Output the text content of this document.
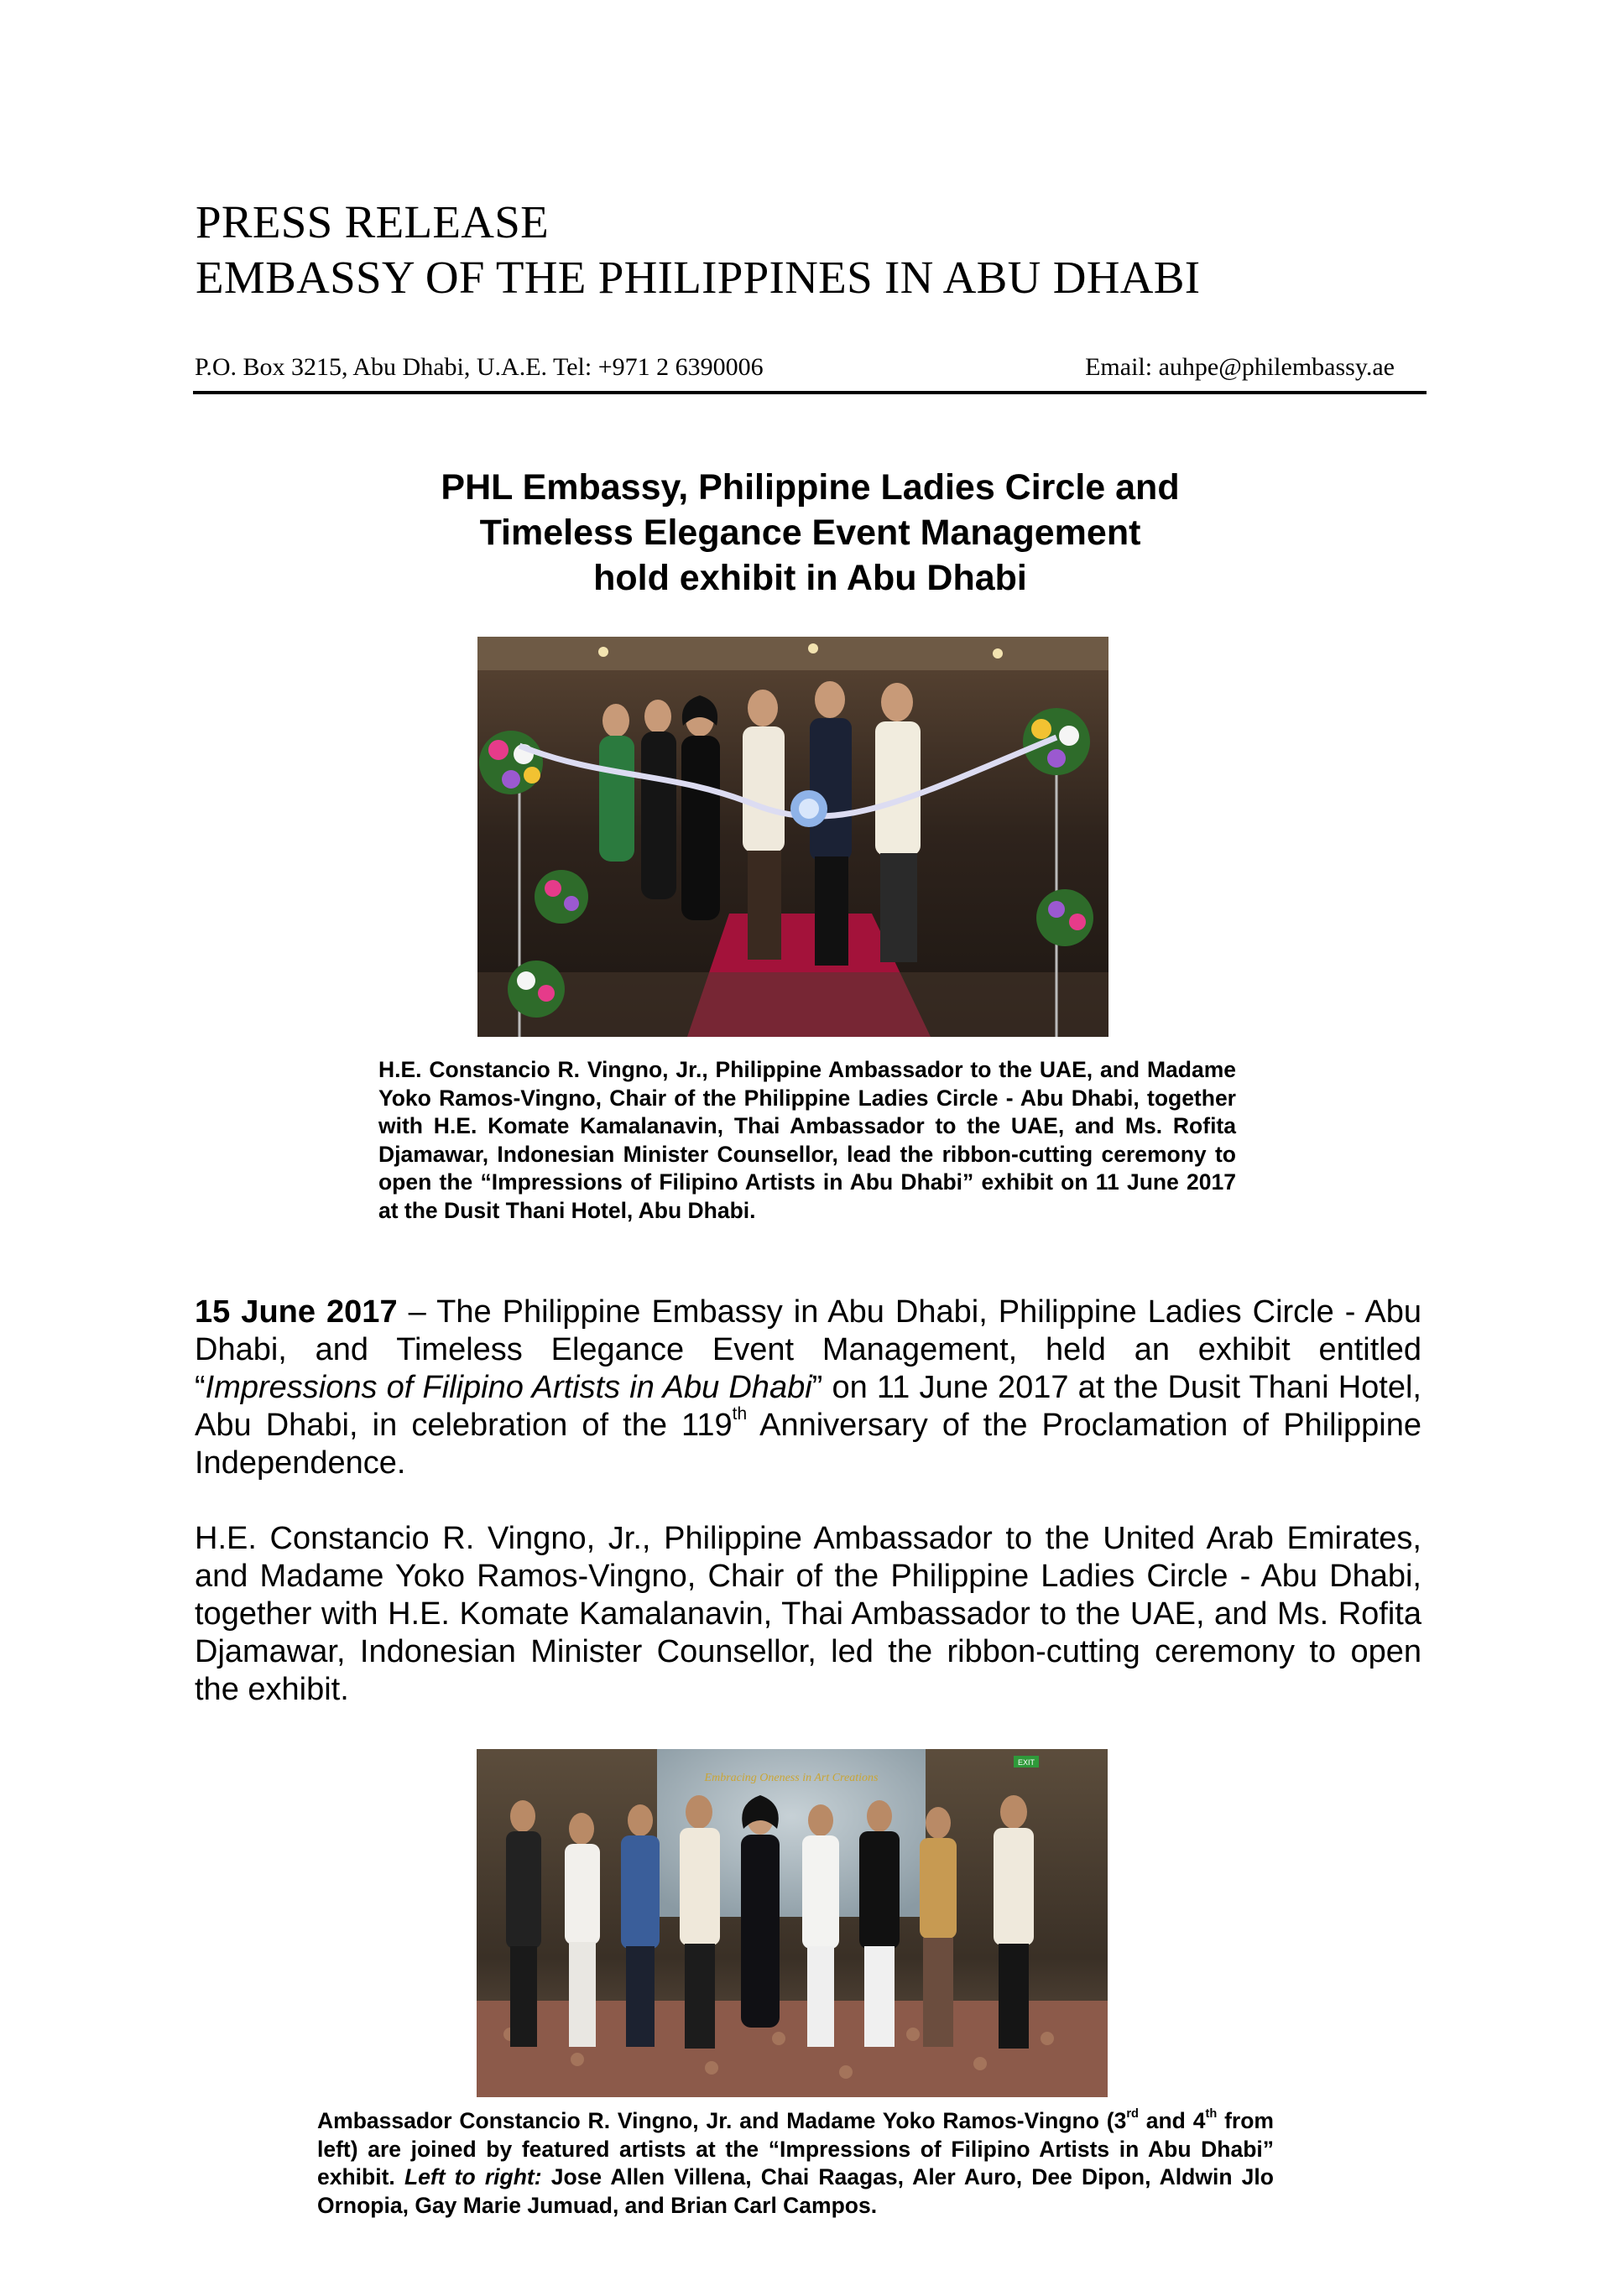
PRESS RELEASE
EMBASSY OF THE PHILIPPINES IN ABU DHABI
P.O. Box 3215, Abu Dhabi, U.A.E. Tel: +971 2 6390006	Email: auhpe@philembassy.ae
PHL Embassy, Philippine Ladies Circle and
Timeless Elegance Event Management
hold exhibit in Abu Dhabi

H.E. Constancio R. Vingno, Jr., Philippine Ambassador to the UAE, and Madame Yoko Ramos-Vingno, Chair of the Philippine Ladies Circle - Abu Dhabi, together with H.E. Komate Kamalanavin, Thai Ambassador to the UAE, and Ms. Rofita Djamawar, Indonesian Minister Counsellor, lead the ribbon-cutting ceremony to open the “Impressions of Filipino Artists in Abu Dhabi” exhibit on 11 June 2017 at the Dusit Thani Hotel, Abu Dhabi.

15 June 2017 – The Philippine Embassy in Abu Dhabi, Philippine Ladies Circle - Abu Dhabi, and Timeless Elegance Event Management, held an exhibit entitled “Impressions of Filipino Artists in Abu Dhabi” on 11 June 2017 at the Dusit Thani Hotel, Abu Dhabi, in celebration of the 119th Anniversary of the Proclamation of Philippine Independence.

H.E. Constancio R. Vingno, Jr., Philippine Ambassador to the United Arab Emirates, and Madame Yoko Ramos-Vingno, Chair of the Philippine Ladies Circle - Abu Dhabi, together with H.E. Komate Kamalanavin, Thai Ambassador to the UAE, and Ms. Rofita Djamawar, Indonesian Minister Counsellor, led the ribbon-cutting ceremony to open the exhibit.

Embracing Oneness in Art Creations
EXIT

Ambassador Constancio R. Vingno, Jr. and Madame Yoko Ramos-Vingno (3rd and 4th from left) are joined by featured artists at the “Impressions of Filipino Artists in Abu Dhabi” exhibit. Left to right: Jose Allen Villena, Chai Raagas, Aler Auro, Dee Dipon, Aldwin Jlo Ornopia, Gay Marie Jumuad, and Brian Carl Campos.
